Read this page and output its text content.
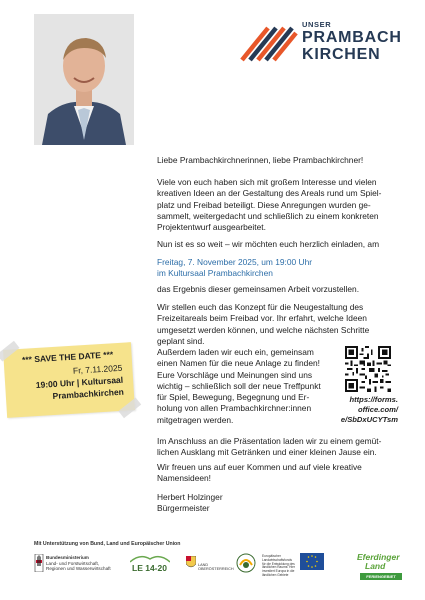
UNSER
PRAMBACH
KIRCHEN
Liebe Prambachkirchnerinnen, liebe Prambachkirchner!
Viele von euch haben sich mit großem Interesse und vielen
kreativen Ideen an der Gestaltung des Areals rund um Spiel-
platz und Freibad beteiligt. Diese Anregungen wurden ge-
sammelt, weitergedacht und schließlich zu einem konkreten
Projektentwurf ausgearbeitet.
Nun ist es so weit – wir möchten euch herzlich einladen, am
Freitag, 7. November 2025, um 19:00 Uhr
im Kultursaal Prambachkirchen
das Ergebnis dieser gemeinsamen Arbeit vorzustellen.
Wir stellen euch das Konzept für die Neugestaltung des
Freizeitareals beim Freibad vor. Ihr erfahrt, welche Ideen
umgesetzt werden können, und welche nächsten Schritte
geplant sind.
Außerdem laden wir euch ein, gemeinsam
einen Namen für die neue Anlage zu finden!
Eure Vorschläge und Meinungen sind uns
wichtig – schließlich soll der neue Treffpunkt
für Spiel, Bewegung, Begegnung und Er-
holung von allen Prambachkirchner:innen
mitgetragen werden.
Im Anschluss an die Präsentation laden wir zu einem gemüt-
lichen Ausklang mit Getränken und einer kleinen Jause ein.
Wir freuen uns auf euer Kommen und auf viele kreative
Namensideen!
Herbert Holzinger
Bürgermeister
*** SAVE THE DATE ***
Fr, 7.11.2025
19:00 Uhr | Kultursaal
Prambachkirchen	https://forms.
office.com/
e/SbDxUCYTsm
Mit Unterstützung von Bund, Land und Europäischer Union
Bundesministerium
Land- und Forstwirtschaft,
Regionen und Wasserwirtschaft	LE 14-20	LAND
OBERÖSTERREICH
Europäischer Landwirtschaftsfonds für die Entwicklung des ländlichen Raums: Hier investiert Europa in die ländlichen Gebiete
Eferdinger
Land
FERIENGEBIET
